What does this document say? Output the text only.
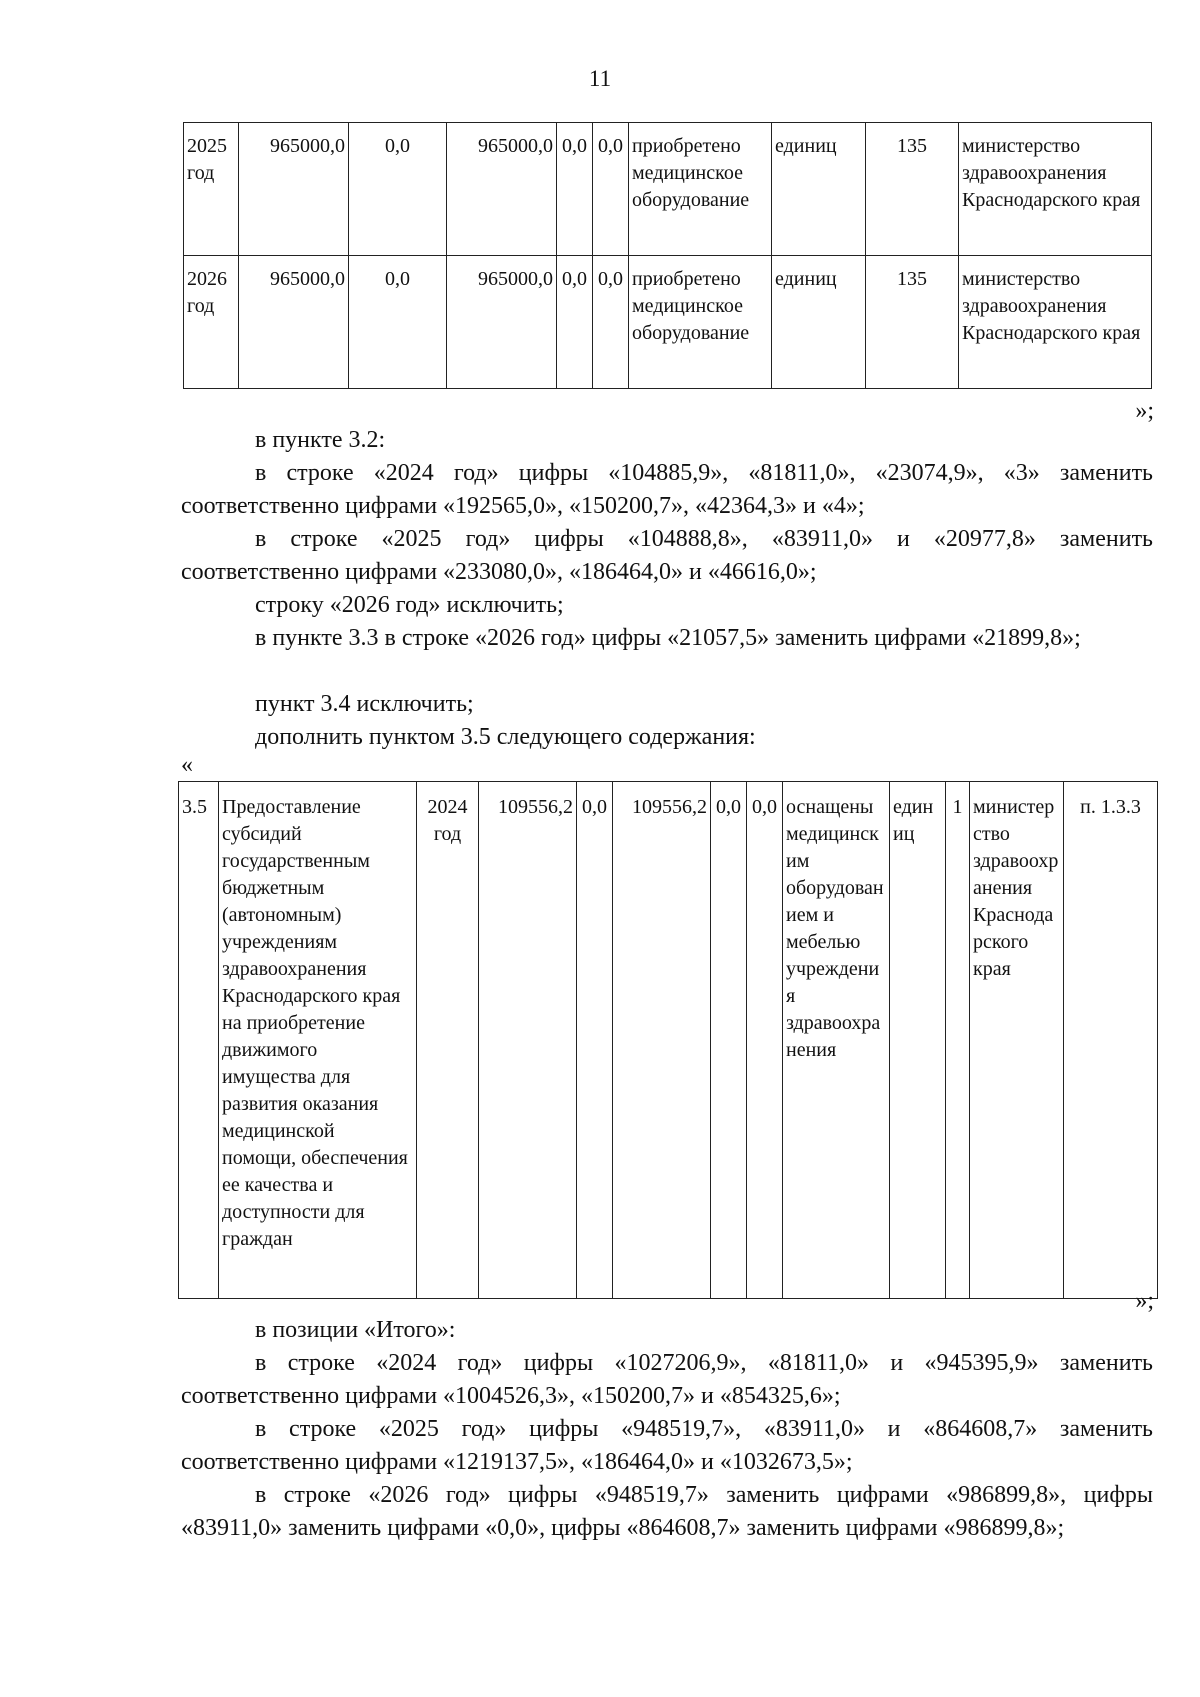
11
2025 год	965000,0	0,0	965000,0	0,0	0,0	приобретено медицинское оборудование	единиц	135	министерство здравоохранения Краснодарского края
2026 год	965000,0	0,0	965000,0	0,0	0,0	приобретено медицинское оборудование	единиц	135	министерство здравоохранения Краснодарского края
»;

в пункте 3.2:

в строке «2024 год» цифры «104885,9», «81811,0», «23074,9», «3» заменить соответственно цифрами «192565,0», «150200,7», «42364,3» и «4»;

в строке «2025 год» цифры «104888,8», «83911,0» и «20977,8» заменить соответственно цифрами «233080,0», «186464,0» и «46616,0»;

строку «2026 год» исключить;

в пункте 3.3 в строке «2026 год» цифры «21057,5» заменить цифрами «21899,8»;

пункт 3.4 исключить;

дополнить пунктом 3.5 следующего содержания:

«
3.5	Предоставление субсидий государственным бюджетным (автономным) учреждениям здравоохранения Краснодарского края на приобретение движимого имущества для развития оказания медицинской помощи, обеспечения ее качества и доступности для граждан	2024 год	109556,2	0,0	109556,2	0,0	0,0	оснащены медицинским оборудованием и мебелью учреждения здравоохранения	единиц	1	министерство здравоохранения Краснодарского края	п. 1.3.3
»;

в позиции «Итого»:

в строке «2024 год» цифры «1027206,9», «81811,0» и «945395,9» заменить соответственно цифрами «1004526,3», «150200,7» и «854325,6»;

в строке «2025 год» цифры «948519,7», «83911,0» и «864608,7» заменить соответственно цифрами «1219137,5», «186464,0» и «1032673,5»;

в строке «2026 год» цифры «948519,7» заменить цифрами «986899,8», цифры «83911,0» заменить цифрами «0,0», цифры «864608,7» заменить цифрами «986899,8»;
